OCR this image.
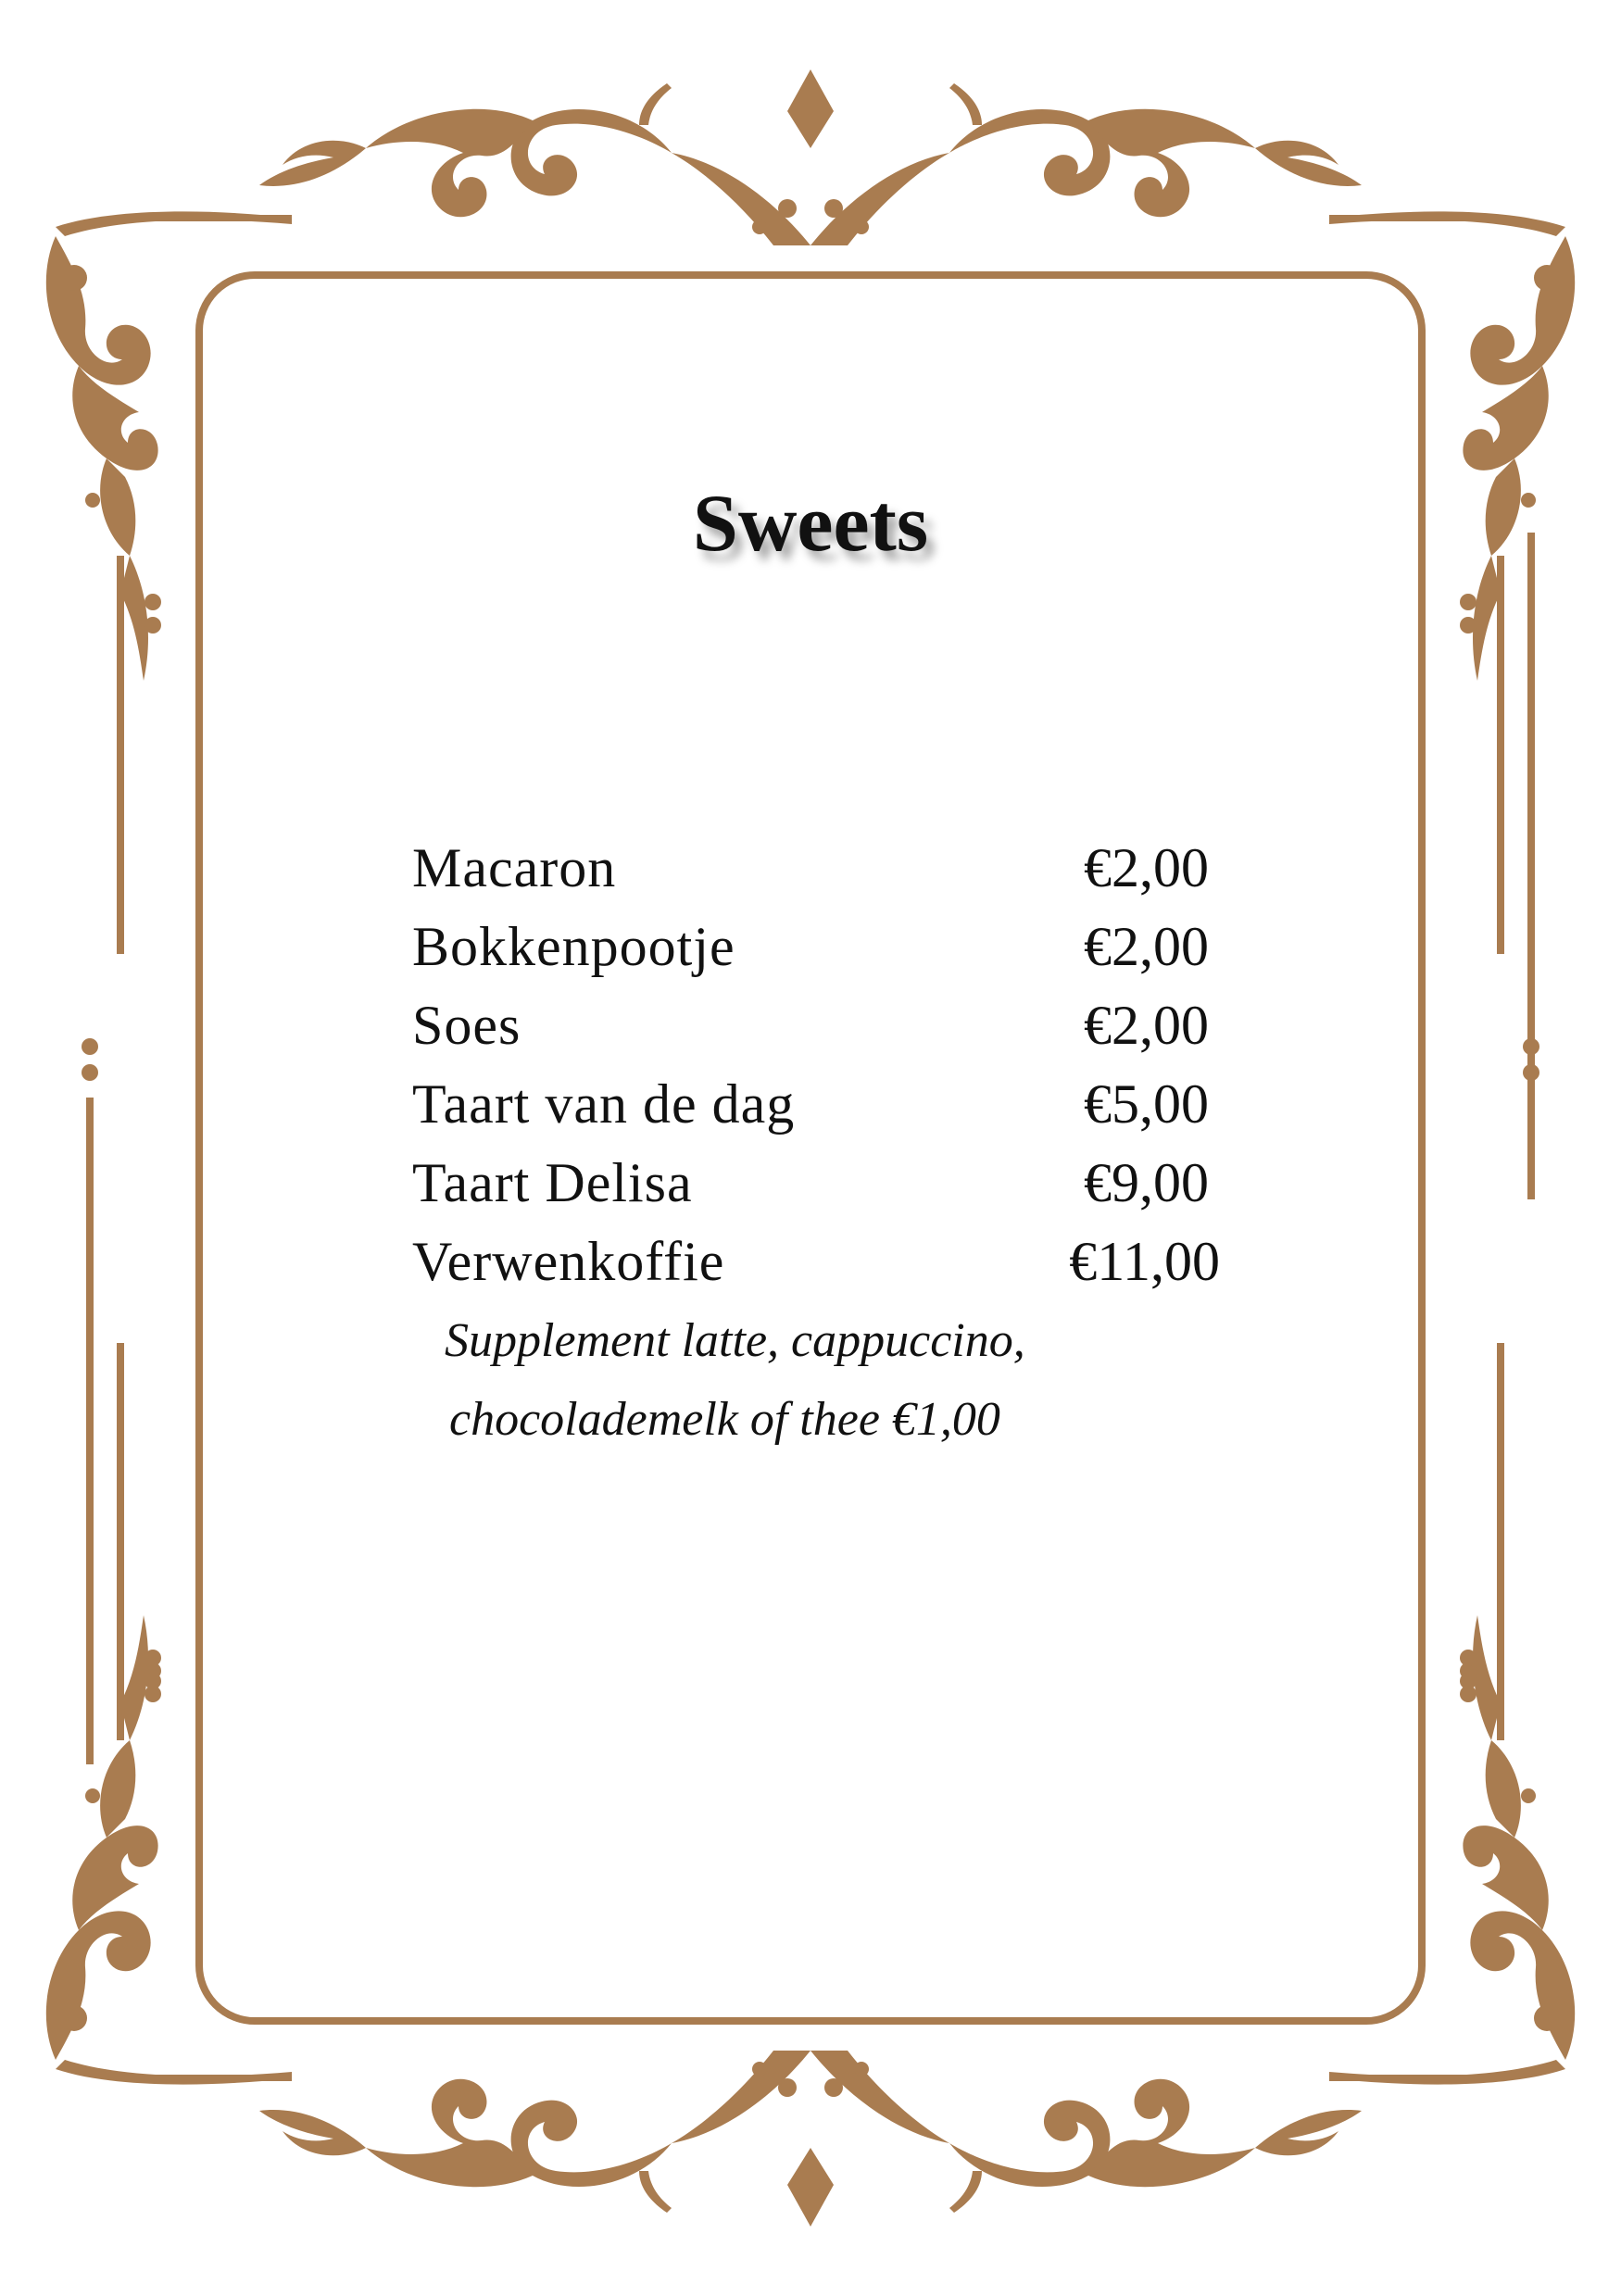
Sweets
Macaron	€2,00
Bokkenpootje	€2,00
Soes	€2,00
Taart van de dag	€5,00
Taart Delisa	€9,00
Verwenkoffie	€11,00
Supplement latte, cappuccino,
chocolademelk of thee €1,00
